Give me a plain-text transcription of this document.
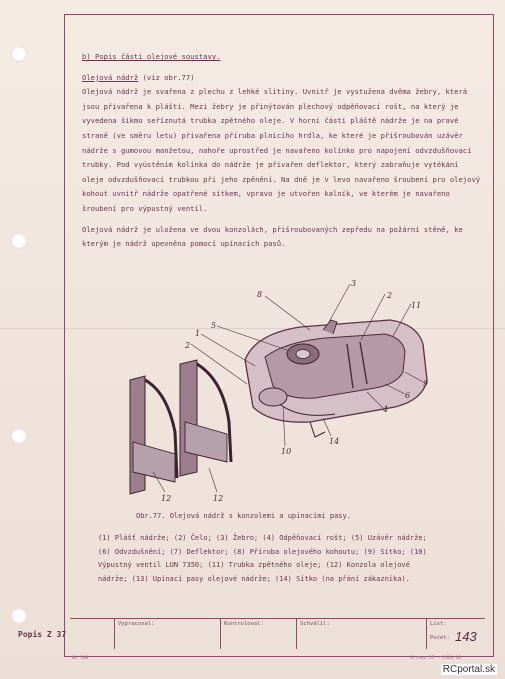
b) Popis části olejové soustavy.

Olejová nádrž (viz obr.77)

Olejová nádrž je svařena z plechu z lehké slitiny. Uvnitř je vystužena dvěma žebry, která jsou přivařena k plášti. Mezi žebry je přinýtován plechový odpěňovací rošt, na který je vyvedena šikmo seříznutá trubka zpětného oleje. V horní části pláště nádrže je na pravé straně (ve směru letu) přivařena příruba plnicího hrdla, ke které je přišroubován uzávěr nádrže s gumovou manžetou, nahoře uprostřed je navařeno kolínko pro napojení odvzdušňovací trubky. Pod vyústěním kolínka do nádrže je přivařen deflektor, který zabraňuje vytékání oleje odvzdušňovací trubkou při jeho zpěnění. Na dně je v levo navařeno šroubení pro olejový kohout uvnitř nádrže opatřené sítkem, vpravo je utvořen kalník, ve kterém je navařeno šroubení pro výpustný ventil.

Olejová nádrž je uložena ve dvou konzolách, přišroubovaných zepředu na požární stěně, ke kterým je nádrž upevněna pomocí upínacích pasů.

8
3
2
11
5
1
2
9
6
4
14
10
12	12
Obr.77. Olejová nádrž s konzolemi a upínacími pasy.
(1) Plášť nádrže; (2) Čelo; (3) Žebro; (4) Odpěňovací rošt; (5) Uzávěr nádrže;
(6) Odvzdušnění; (7) Deflektor; (8) Příruba olejového kohoutu; (9) Sítko; (10)
Výpustný ventil LUN 7350; (11) Trubka zpětného oleje; (12) Konzola olejové
nádrže; (13) Upínací pasy olejové nádrže; (14) Sítko (na přání zákazníka).
Vypracoval:	Kontroloval:	Schválil:	List:
Počet:
Popis Z 37	143
NL 100	Strana 25 · 1966 83
RCportal.sk
